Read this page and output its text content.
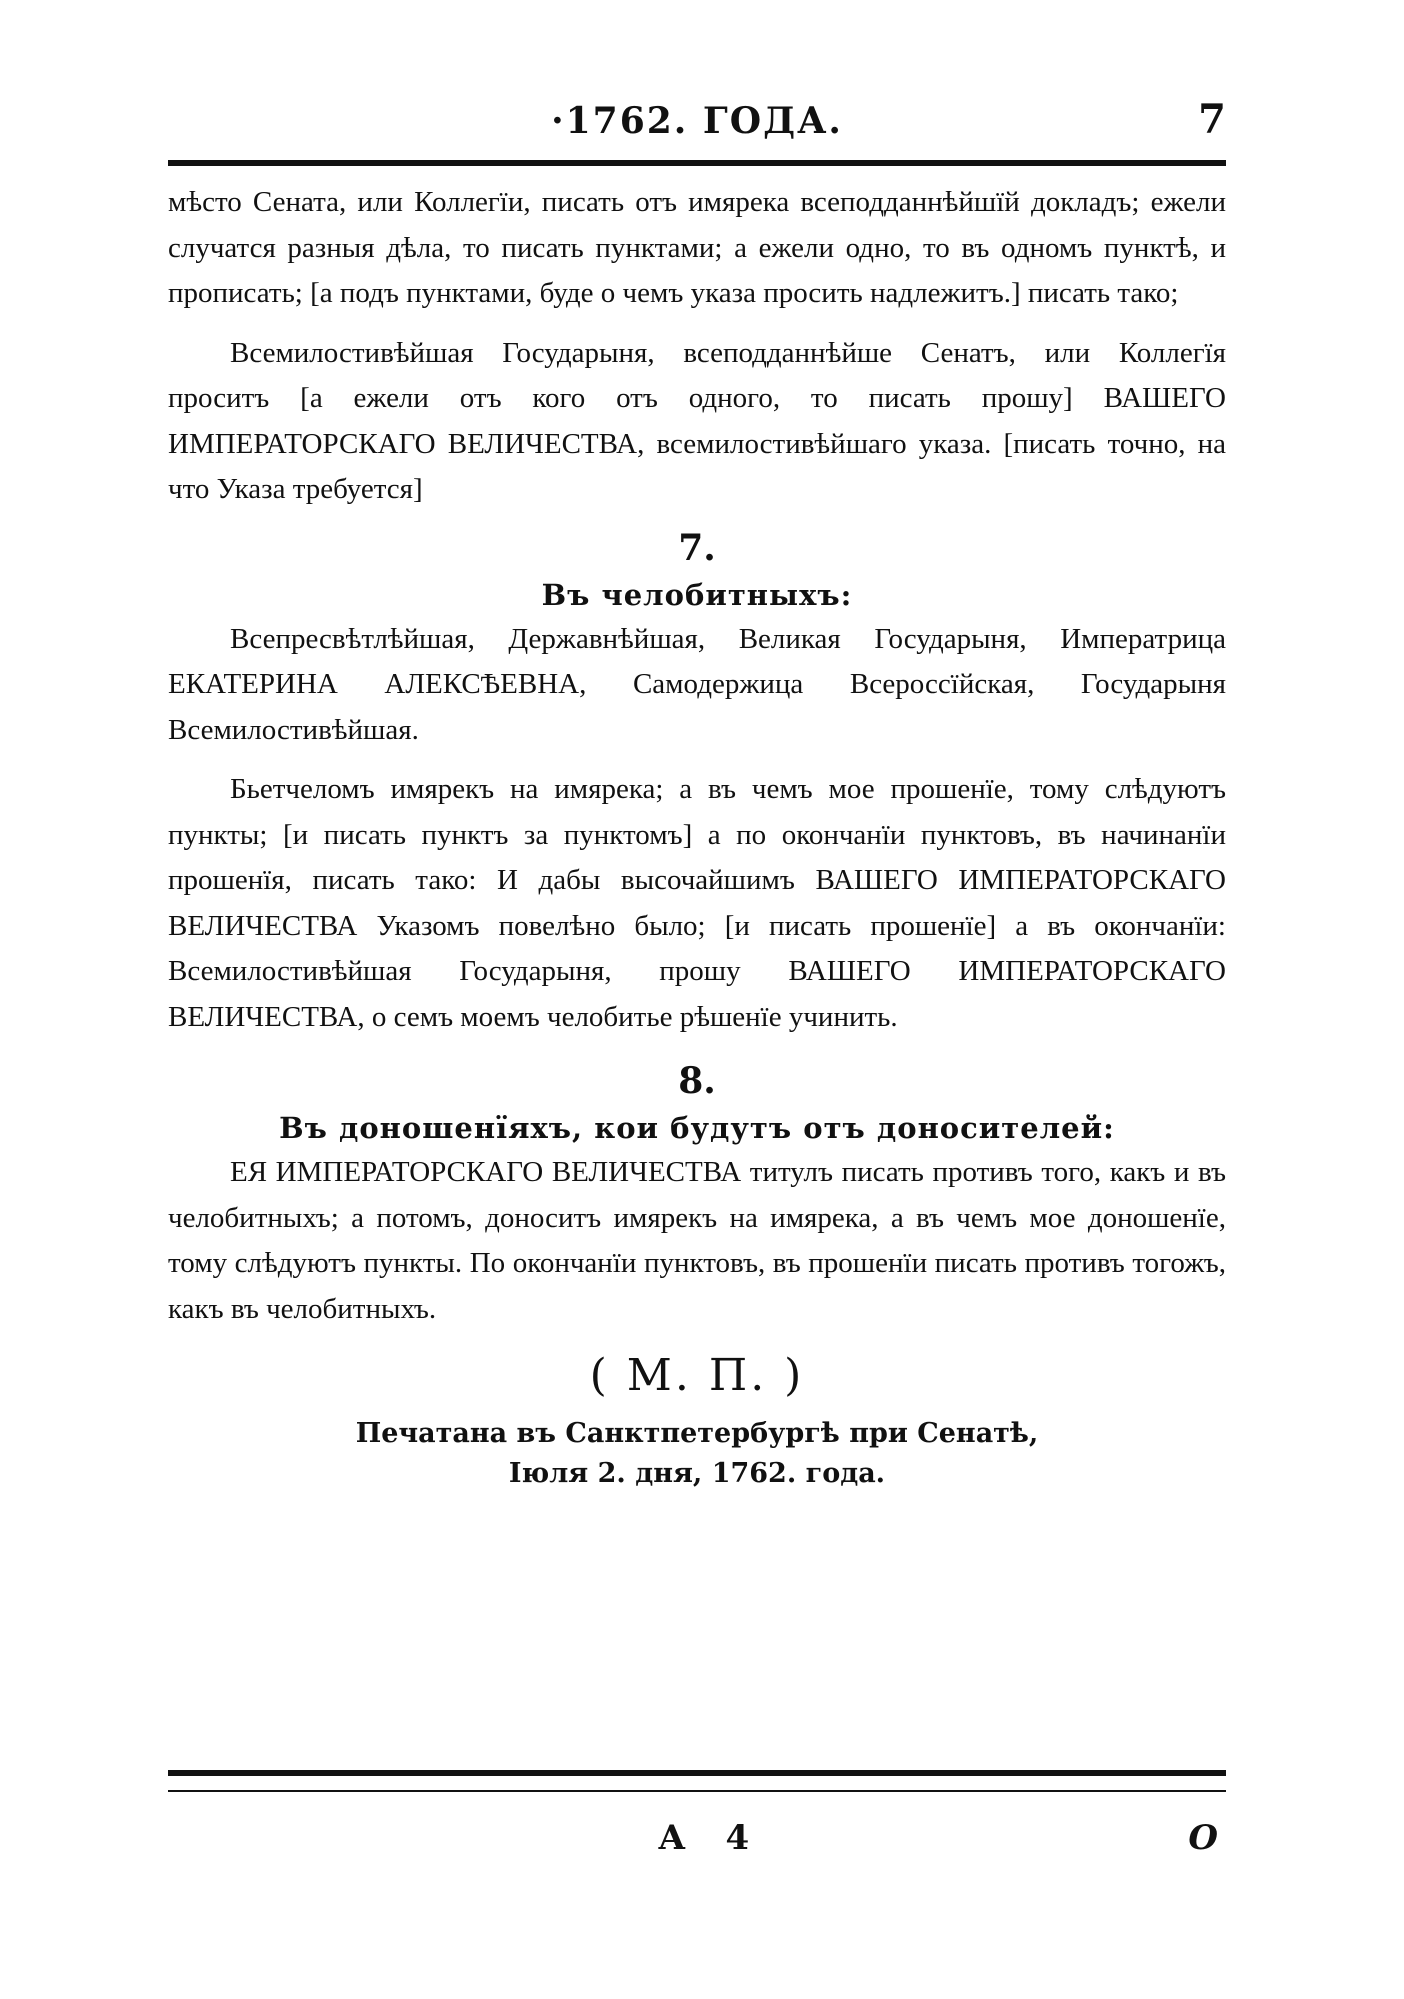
·1762. ГОДА.	7

мѣсто Сената, или Коллегïи, писать отъ имярека всеподданнѣйшïй докладъ; ежели случатся разныя дѣла, то писать пунктами; а ежели одно, то въ одномъ пунктѣ, и прописать; [а подъ пунктами, буде о чемъ указа просить надлежитъ.] писать тако;

Всемилостивѣйшая Государыня, всеподданнѣйше Сенатъ, или Коллегïя проситъ [а ежели отъ кого отъ одного, то писать прошу] ВАШЕГО ИМПЕРАТОРСКАГО ВЕЛИЧЕСТВА, всемилостивѣйшаго указа. [писать точно, на что Указа требуется]

7.

Въ челобитныхъ:

Всепресвѣтлѣйшая, Державнѣйшая, Великая Государыня, Императрица ЕКАТЕРИНА АЛЕКСѢЕВНА, Самодержица Всероссïйская, Государыня Всемилостивѣйшая.

Бьетчеломъ имярекъ на имярека; а въ чемъ мое прошенïе, тому слѣдуютъ пункты; [и писать пунктъ за пунктомъ] а по окончанïи пунктовъ, въ начинанïи прошенïя, писать тако: И дабы высочайшимъ ВАШЕГО ИМПЕРАТОРСКАГО ВЕЛИЧЕСТВА Указомъ повелѣно было; [и писать прошенïе] а въ окончанïи: Всемилостивѣйшая Государыня, прошу ВАШЕГО ИМПЕРАТОРСКАГО ВЕЛИЧЕСТВА, о семъ моемъ челобитье рѣшенïе учинить.

8.

Въ доношенïяхъ, кои будутъ отъ доносителей:

ЕЯ ИМПЕРАТОРСКАГО ВЕЛИЧЕСТВА титулъ писать противъ того, какъ и въ челобитныхъ; а потомъ, доноситъ имярекъ на имярека, а въ чемъ мое доношенïе, тому слѣдуютъ пункты. По окончанïи пунктовъ, въ прошенïи писать противъ тогожъ, какъ въ челобитныхъ.

( М. П. )

Печатана въ Санктпетербургѣ при Сенатѣ,

Iюля 2. дня, 1762. года.

А 4	О
